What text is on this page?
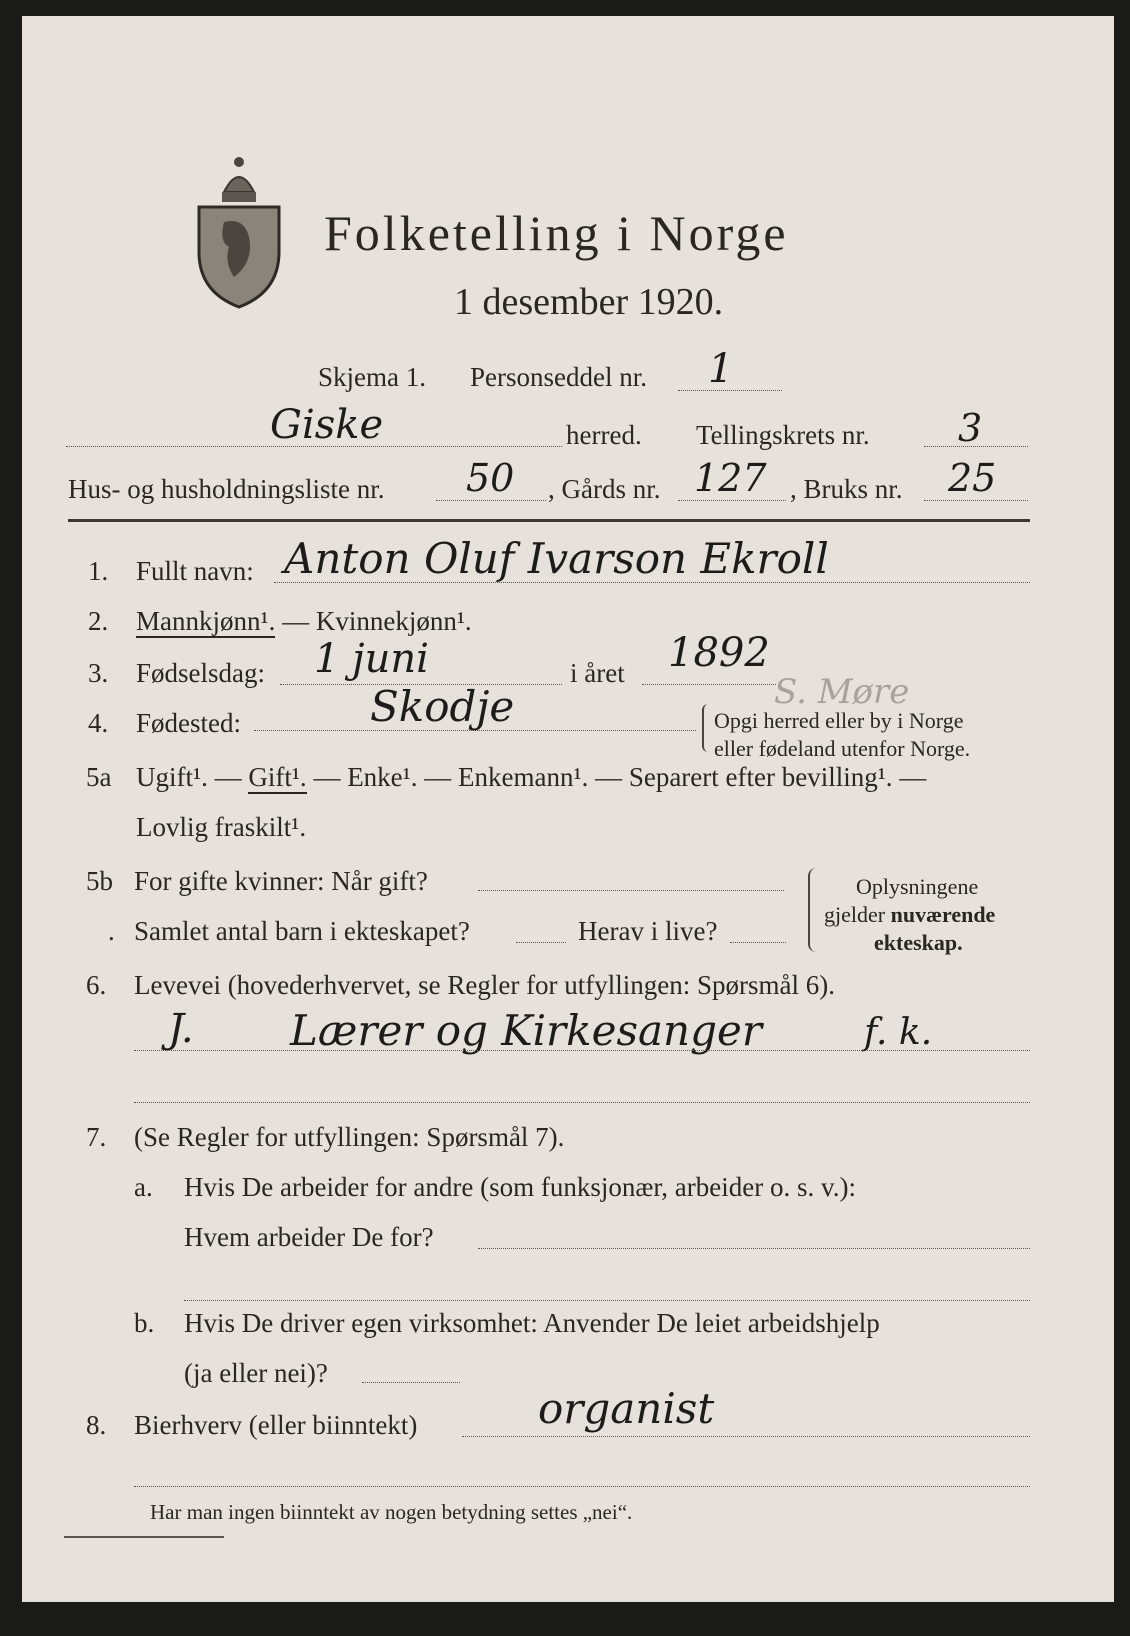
Folketelling i Norge
1 desember 1920.
Skjema 1. Personseddel nr. 1
Giske	herred. Tellingskrets nr. 3
Hus- og husholdningsliste nr. 50 , Gårds nr. 127 , Bruks nr. 25
1. Fullt navn: Anton Oluf Ivarson Ekroll
2. Mannkjønn¹. — Kvinnekjønn¹.
3. Fødselsdag: 1 juni	i året 1892
4. Fødested:	Skodje	S. Møre
Opgi herred eller by i Norge
eller fødeland utenfor Norge.
5a Ugift¹. — Gift¹. — Enke¹. — Enkemann¹. — Separert efter bevilling¹. —
Lovlig fraskilt¹.
5b For gifte kvinner: Når gift?
. Samlet antal barn i ekteskapet?	Herav i live?
Oplysningene
gjelder nuværende
ekteskap.
6. Levevei (hovederhvervet, se Regler for utfyllingen: Spørsmål 6).
J. Lærer og Kirkesanger	f. k.
7. (Se Regler for utfyllingen: Spørsmål 7).
a. Hvis De arbeider for andre (som funksjonær, arbeider o. s. v.):
Hvem arbeider De for?
b. Hvis De driver egen virksomhet: Anvender De leiet arbeidshjelp
(ja eller nei)?
8. Bierhverv (eller biinntekt)	organist
Har man ingen biinntekt av nogen betydning settes „nei“.
